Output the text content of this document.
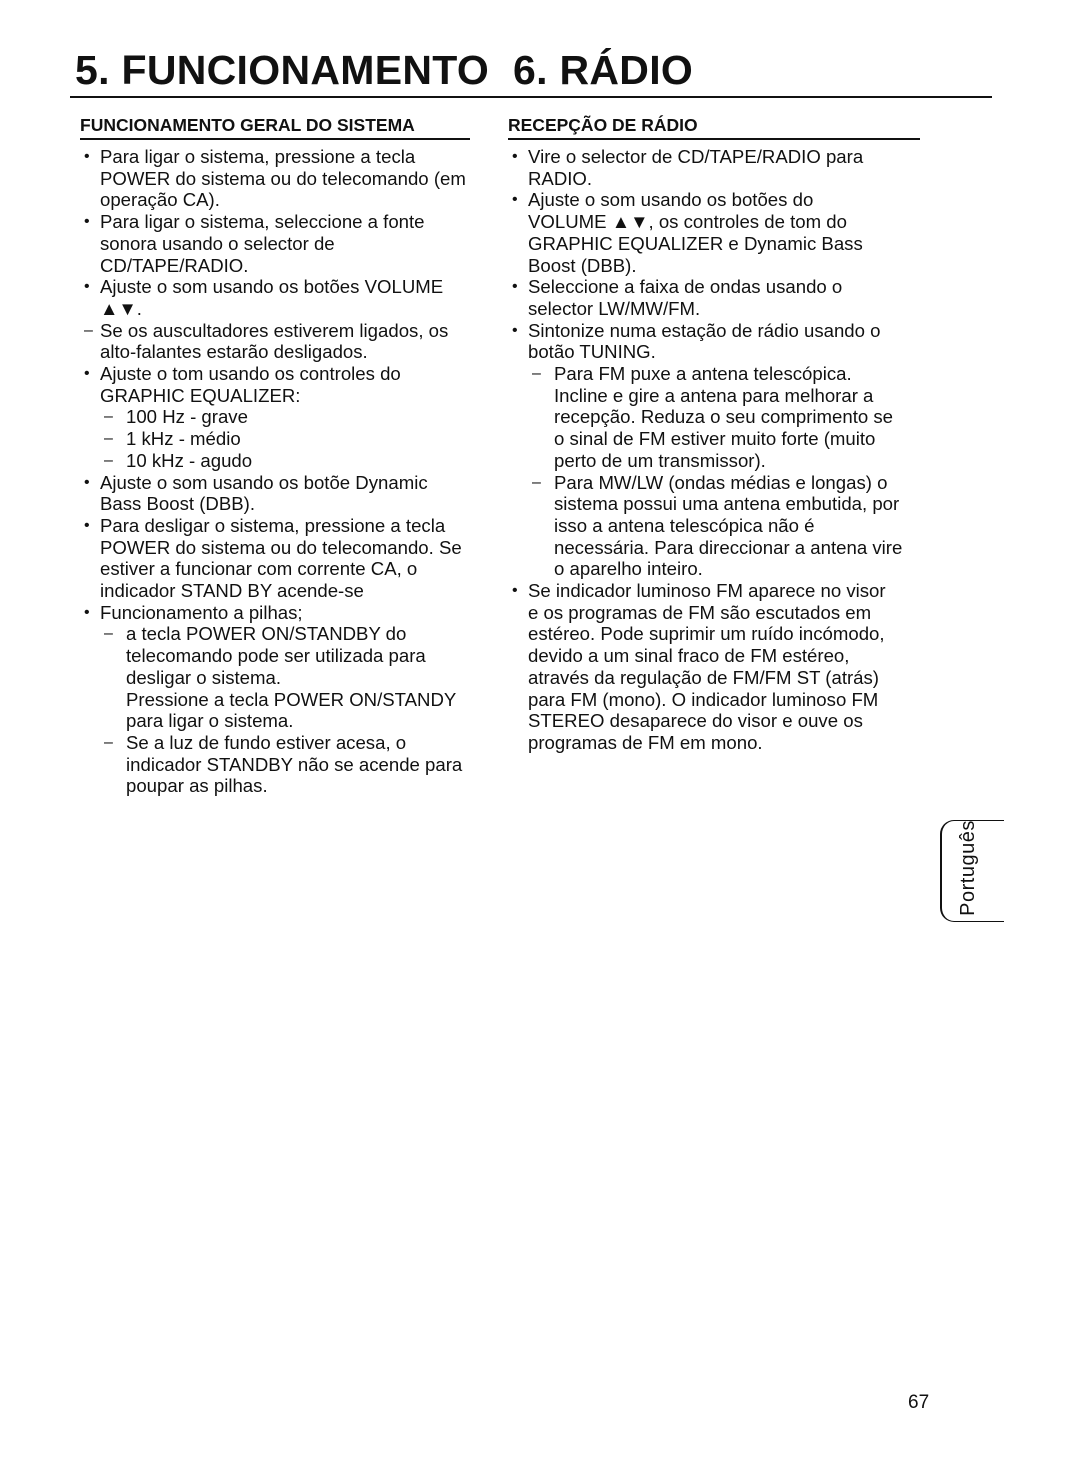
5. FUNCIONAMENTO 6. RÁDIO
FUNCIONAMENTO GERAL DO SISTEMA
• Para ligar o sistema, pressione a tecla
POWER do sistema ou do telecomando (em
operação CA).
• Para ligar o sistema, seleccione a fonte
sonora usando o selector de
CD/TAPE/RADIO.
• Ajuste o som usando os botões VOLUME
▲▼.
– Se os auscultadores estiverem ligados, os
alto-falantes estarão desligados.
• Ajuste o tom usando os controles do
GRAPHIC EQUALIZER:
– 100 Hz - grave
– 1 kHz - médio
– 10 kHz - agudo
• Ajuste o som usando os botõe Dynamic
Bass Boost (DBB).
• Para desligar o sistema, pressione a tecla
POWER do sistema ou do telecomando. Se
estiver a funcionar com corrente CA, o
indicador STAND BY acende-se
• Funcionamento a pilhas;
– a tecla POWER ON/STANDBY do
telecomando pode ser utilizada para
desligar o sistema.
Pressione a tecla POWER ON/STANDY
para ligar o sistema.
– Se a luz de fundo estiver acesa, o
indicador STANDBY não se acende para
poupar as pilhas.
RECEPÇÃO DE RÁDIO
• Vire o selector de CD/TAPE/RADIO para
RADIO.
• Ajuste o som usando os botões do
VOLUME ▲▼, os controles de tom do
GRAPHIC EQUALIZER e Dynamic Bass
Boost (DBB).
• Seleccione a faixa de ondas usando o
selector LW/MW/FM.
• Sintonize numa estação de rádio usando o
botão TUNING.
– Para FM puxe a antena telescópica.
Incline e gire a antena para melhorar a
recepção. Reduza o seu comprimento se
o sinal de FM estiver muito forte (muito
perto de um transmissor).
– Para MW/LW (ondas médias e longas) o
sistema possui uma antena embutida, por
isso a antena telescópica não é
necessária. Para direccionar a antena vire
o aparelho inteiro.
• Se indicador luminoso FM aparece no visor
e os programas de FM são escutados em
estéreo. Pode suprimir um ruído incómodo,
devido a um sinal fraco de FM estéreo,
através da regulação de FM/FM ST (atrás)
para FM (mono). O indicador luminoso FM
STEREO desaparece do visor e ouve os
programas de FM em mono.
Português
67
